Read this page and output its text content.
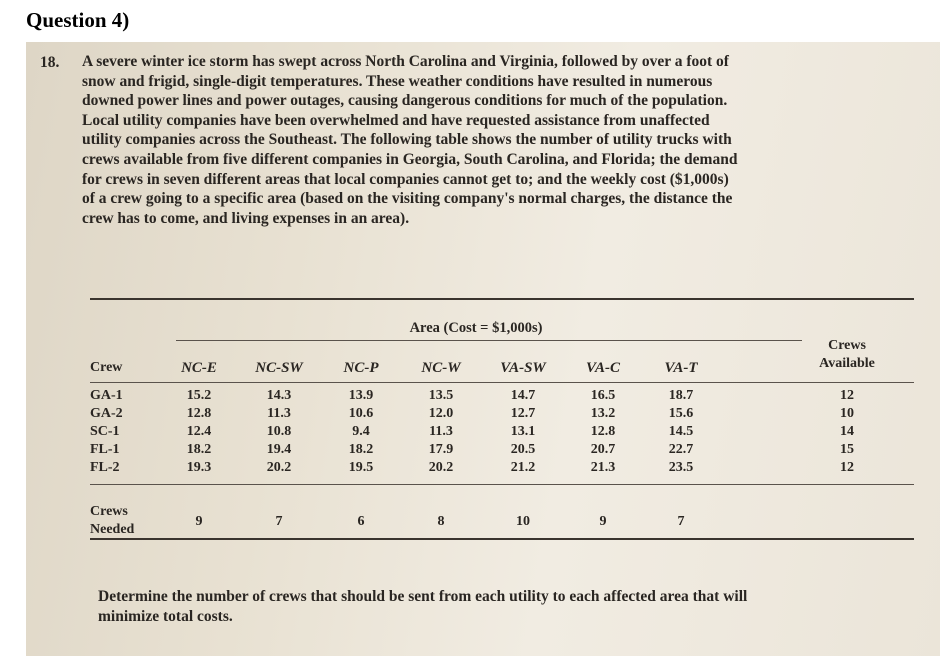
Question 4)
18. A severe winter ice storm has swept across North Carolina and Virginia, followed by over a foot of
snow and frigid, single-digit temperatures. These weather conditions have resulted in numerous
downed power lines and power outages, causing dangerous conditions for much of the population.
Local utility companies have been overwhelmed and have requested assistance from unaffected
utility companies across the Southeast. The following table shows the number of utility trucks with
crews available from five different companies in Georgia, South Carolina, and Florida; the demand
for crews in seven different areas that local companies cannot get to; and the weekly cost ($1,000s)
of a crew going to a specific area (based on the visiting company's normal charges, the distance the
crew has to come, and living expenses in an area).
Area (Cost = $1,000s)
Crew	NC-E	NC-SW	NC-P	NC-W	VA-SW	VA-C	VA-T
Crews
Available
GA-1	15.2	14.3	13.9	13.5	14.7	16.5	18.7	12
GA-2	12.8	11.3	10.6	12.0	12.7	13.2	15.6	10
SC-1	12.4	10.8	9.4	11.3	13.1	12.8	14.5	14
FL-1	18.2	19.4	18.2	17.9	20.5	20.7	22.7	15
FL-2	19.3	20.2	19.5	20.2	21.2	21.3	23.5	12
Crews
Needed
9	7	6	8	10	9	7
Determine the number of crews that should be sent from each utility to each affected area that will
minimize total costs.
